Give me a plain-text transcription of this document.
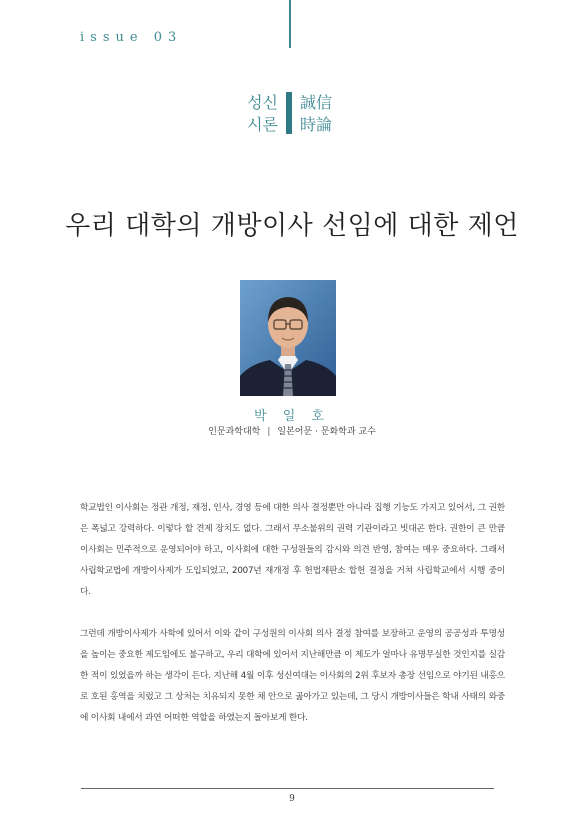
issue 03
성신
시론
誠信
時論
우리 대학의 개방이사 선임에 대한 제언
박 일 호
인문과학대학 | 일본어문 · 문화학과 교수

학교법인 이사회는 정관 개정, 재정, 인사, 경영 등에 대한 의사 결정뿐만 아니라 집행 기능도 가지고 있어서, 그 권한은 폭넓고 강력하다. 이렇다 할 견제 장치도 없다. 그래서 무소불위의 권력 기관이라고 빗대곤 한다. 권한이 큰 만큼 이사회는 민주적으로 운영되어야 하고, 이사회에 대한 구성원들의 감시와 의견 반영, 참여는 매우 중요하다. 그래서 사립학교법에 개방이사제가 도입되었고, 2007년 재개정 후 헌법재판소 합헌 결정을 거쳐 사립학교에서 시행 중이다.

그런데 개방이사제가 사학에 있어서 이와 같이 구성원의 이사회 의사 결정 참여를 보장하고 운영의 공공성과 투명성을 높이는 중요한 제도임에도 불구하고, 우리 대학에 있어서 지난해만큼 이 제도가 얼마나 유명무실한 것인지를 실감한 적이 있었을까 하는 생각이 든다. 지난해 4월 이후 성신여대는 이사회의 2위 후보자 총장 선임으로 야기된 내홍으로 호된 홍역을 치렀고 그 상처는 치유되지 못한 채 안으로 곪아가고 있는데, 그 당시 개방이사들은 학내 사태의 와중에 이사회 내에서 과연 어떠한 역할을 하였는지 돌아보게 한다.

9
